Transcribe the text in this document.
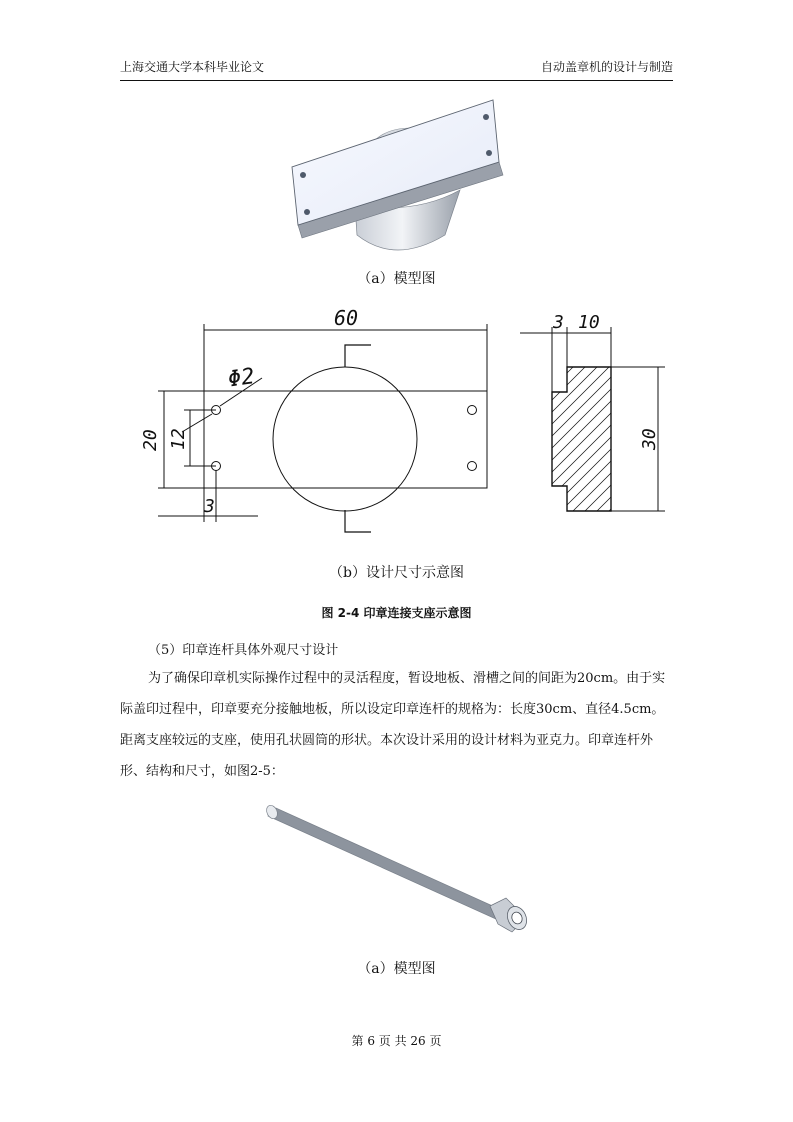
上海交通大学本科毕业论文	自动盖章机的设计与制造
（a）模型图
60
Φ2
20 12
3
3 10
30
（b）设计尺寸示意图
图 2-4 印章连接支座示意图
（5）印章连杆具体外观尺寸设计
为了确保印章机实际操作过程中的灵活程度，暂设地板、滑槽之间的间距为20cm。由于实际盖印过程中，印章要充分接触地板，所以设定印章连杆的规格为：长度30cm、直径4.5cm。距离支座较远的支座，使用孔状圆筒的形状。本次设计采用的设计材料为亚克力。印章连杆外形、结构和尺寸，如图2-5：
（a）模型图
第 6 页 共 26 页
